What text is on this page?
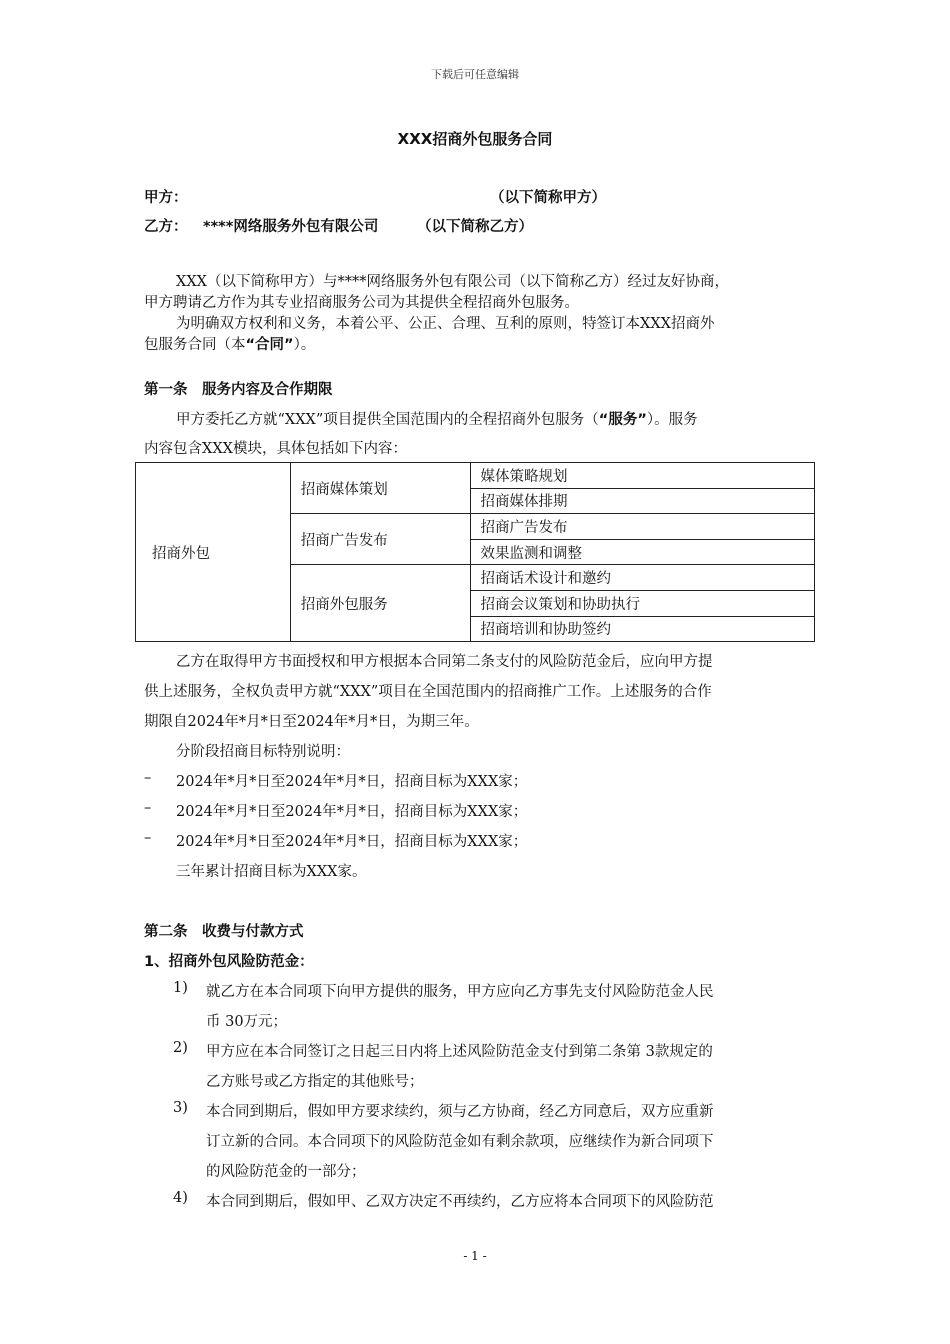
下载后可任意编辑
XXX招商外包服务合同
甲方：	（以下简称甲方）
乙方： ****网络服务外包有限公司	（以下简称乙方）
XXX（以下简称甲方）与****网络服务外包有限公司（以下简称乙方）经过友好协商，
甲方聘请乙方作为其专业招商服务公司为其提供全程招商外包服务。
为明确双方权利和义务，本着公平、公正、合理、互利的原则，特签订本XXX招商外
包服务合同（本“合同”）。
第一条　服务内容及合作期限
甲方委托乙方就“XXX”项目提供全国范围内的全程招商外包服务（“服务”）。服务
内容包含XXX模块，具体包括如下内容：
招商外包	招商媒体策划	媒体策略规划
		招商媒体排期
	招商广告发布	招商广告发布
		效果监测和调整
	招商外包服务	招商话术设计和邀约
		招商会议策划和协助执行
		招商培训和协助签约
乙方在取得甲方书面授权和甲方根据本合同第二条支付的风险防范金后，应向甲方提
供上述服务，全权负责甲方就“XXX”项目在全国范围内的招商推广工作。上述服务的合作
期限自2024年*月*日至2024年*月*日，为期三年。
分阶段招商目标特别说明：
– 2024年*月*日至2024年*月*日，招商目标为XXX家；
– 2024年*月*日至2024年*月*日，招商目标为XXX家；
– 2024年*月*日至2024年*月*日，招商目标为XXX家；
三年累计招商目标为XXX家。
第二条　收费与付款方式
1、招商外包风险防范金：
1) 就乙方在本合同项下向甲方提供的服务，甲方应向乙方事先支付风险防范金人民
币 30万元；
2) 甲方应在本合同签订之日起三日内将上述风险防范金支付到第二条第 3款规定的
乙方账号或乙方指定的其他账号；
3) 本合同到期后，假如甲方要求续约，须与乙方协商，经乙方同意后，双方应重新
订立新的合同。本合同项下的风险防范金如有剩余款项，应继续作为新合同项下
的风险防范金的一部分；
4) 本合同到期后，假如甲、乙双方决定不再续约，乙方应将本合同项下的风险防范
- 1 -
